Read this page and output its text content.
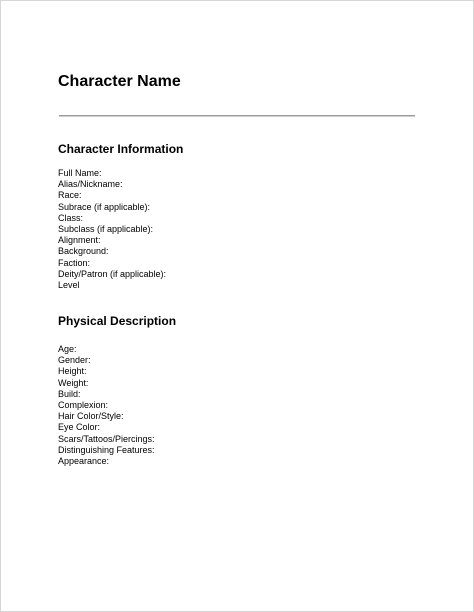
Character Name
Character Information
Full Name:
Alias/Nickname:
Race:
Subrace (if applicable):
Class:
Subclass (if applicable):
Alignment:
Background:
Faction:
Deity/Patron (if applicable):
Level
Physical Description
Age:
Gender:
Height:
Weight:
Build:
Complexion:
Hair Color/Style:
Eye Color:
Scars/Tattoos/Piercings:
Distinguishing Features:
Appearance:
